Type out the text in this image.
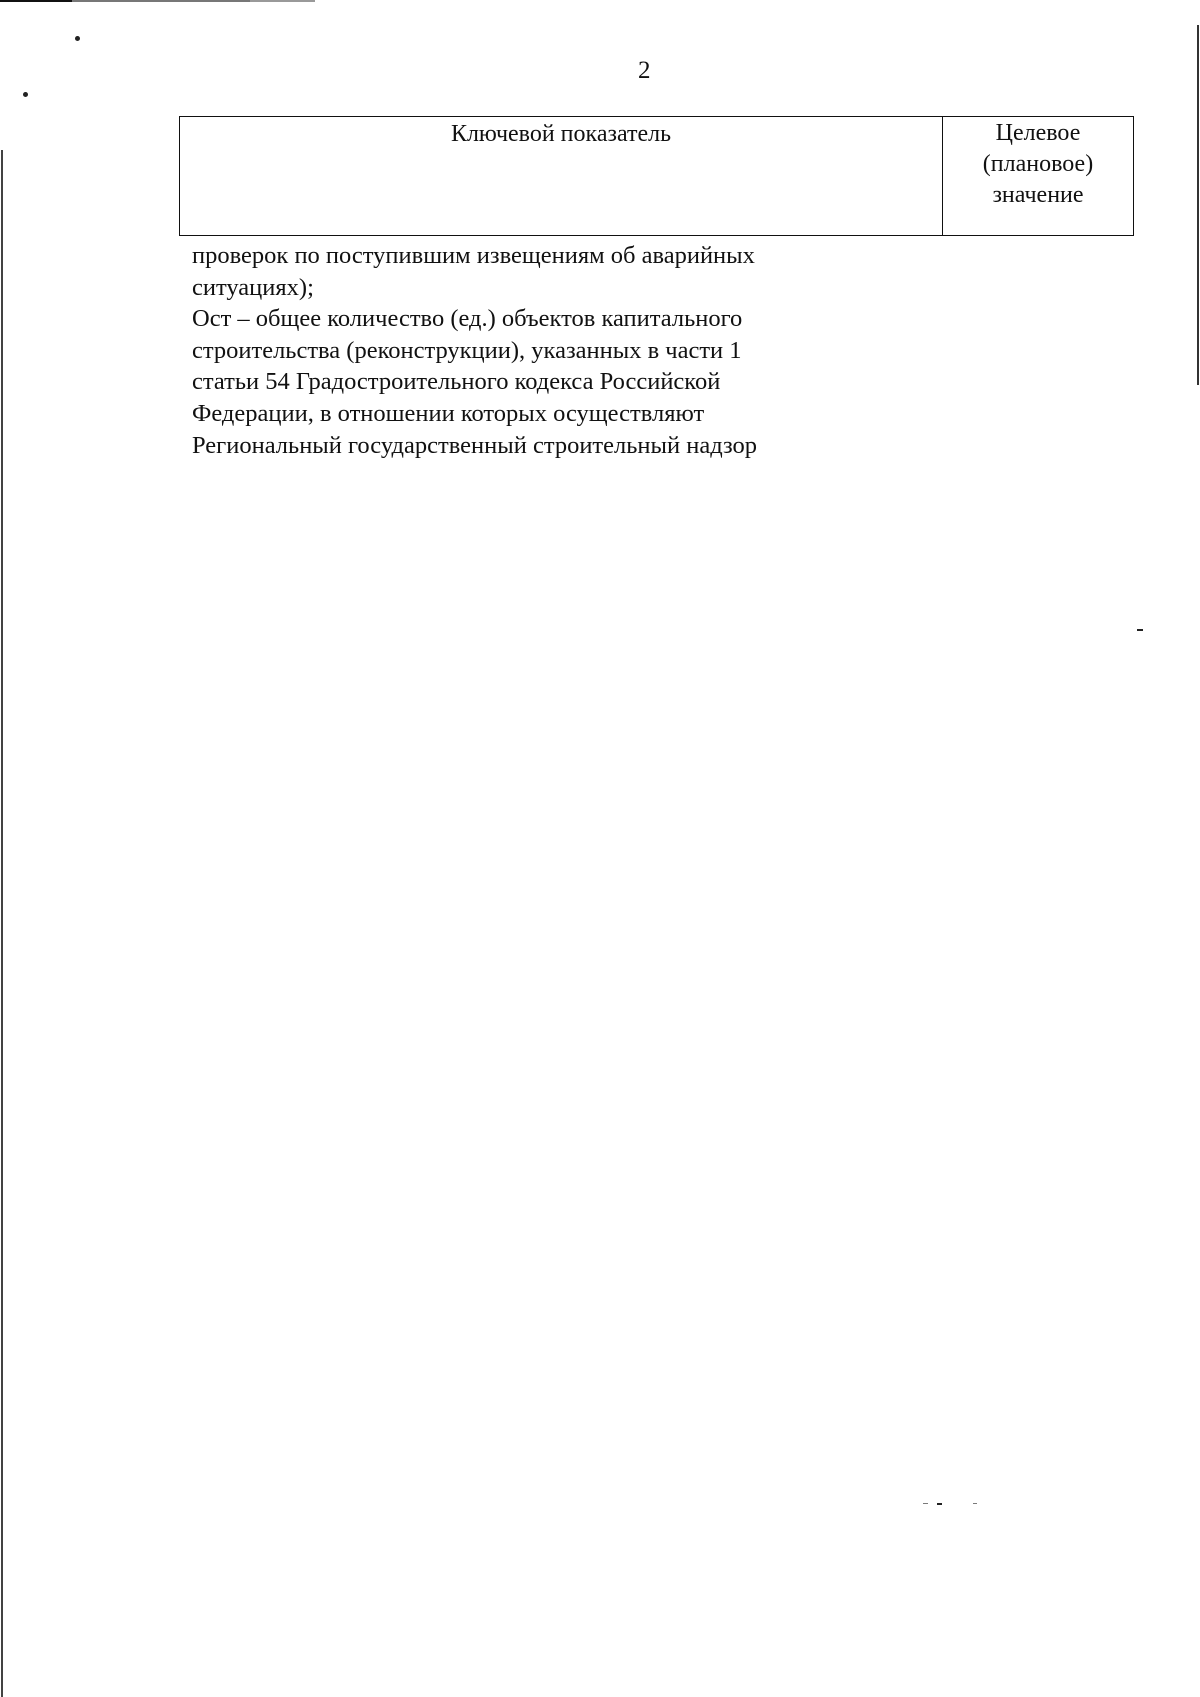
2
Ключевой показатель	Целевое
(плановое)
значение

проверок по поступившим извещениям об аварийных

ситуациях);

Ост – общее количество (ед.) объектов капитального

строительства (реконструкции), указанных в части 1

статьи 54 Градостроительного кодекса Российской

Федерации, в отношении которых осуществляют

Региональный государственный строительный надзор
